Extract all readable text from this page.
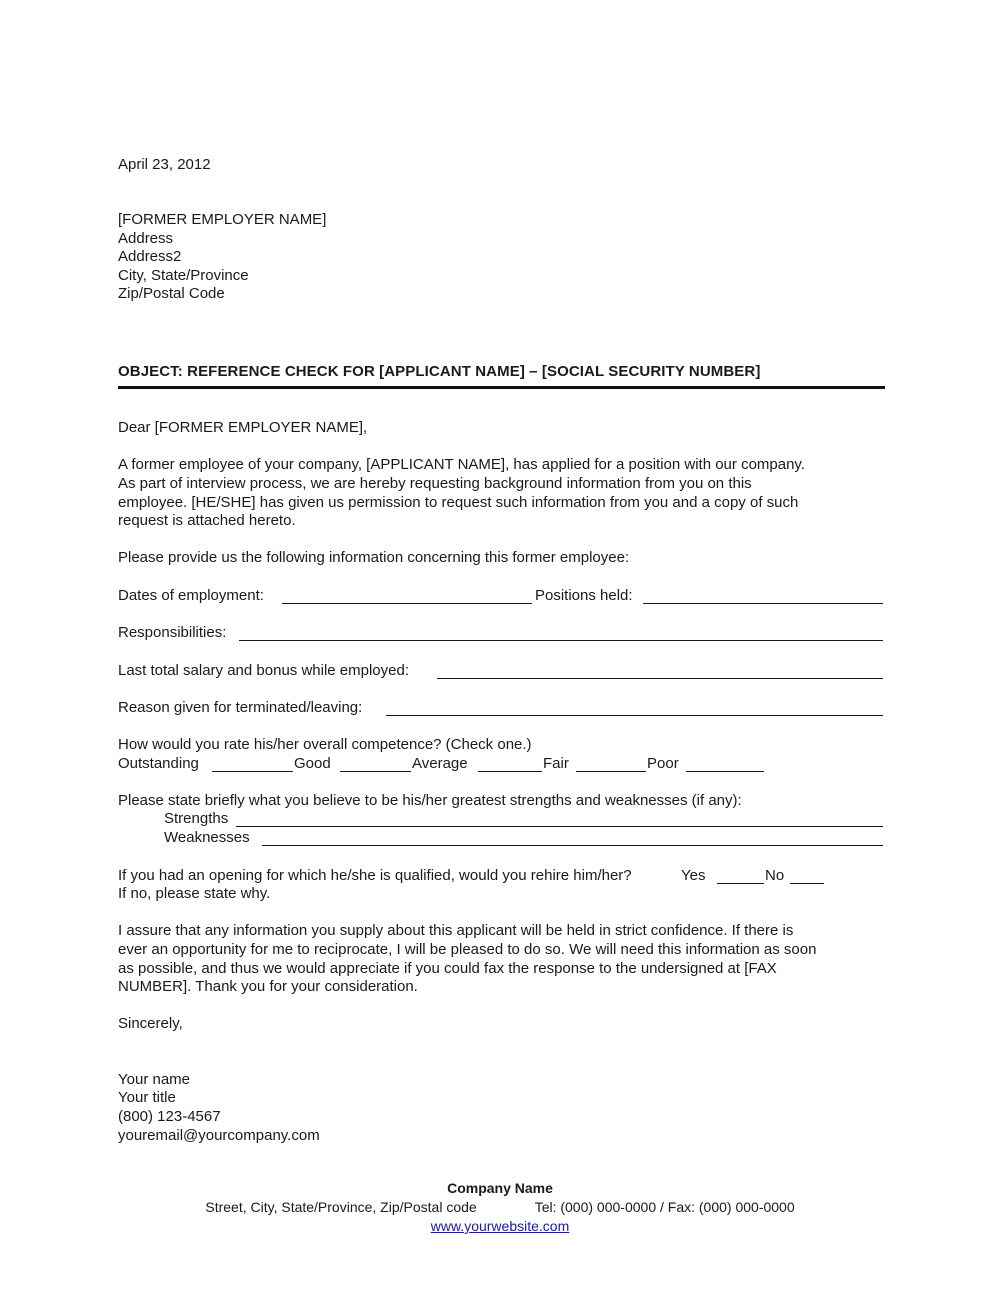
April 23, 2012
[FORMER EMPLOYER NAME]
Address
Address2
City, State/Province
Zip/Postal Code
OBJECT: REFERENCE CHECK FOR [APPLICANT NAME] – [SOCIAL SECURITY NUMBER]
Dear [FORMER EMPLOYER NAME],
A former employee of your company, [APPLICANT NAME], has applied for a position with our company.
As part of interview process, we are hereby requesting background information from you on this
employee. [HE/SHE] has given us permission to request such information from you and a copy of such
request is attached hereto.
Please provide us the following information concerning this former employee:
Dates of employment:	Positions held:
Responsibilities:
Last total salary and bonus while employed:
Reason given for terminated/leaving:
How would you rate his/her overall competence? (Check one.)
Outstanding	Good	Average	Fair	Poor
Please state briefly what you believe to be his/her greatest strengths and weaknesses (if any):
Strengths
Weaknesses
If you had an opening for which he/she is qualified, would you rehire him/her?	Yes	No
If no, please state why.
I assure that any information you supply about this applicant will be held in strict confidence. If there is
ever an opportunity for me to reciprocate, I will be pleased to do so. We will need this information as soon
as possible, and thus we would appreciate if you could fax the response to the undersigned at [FAX
NUMBER]. Thank you for your consideration.
Sincerely,
Your name
Your title
(800) 123-4567
youremail@yourcompany.com
Company Name
Street, City, State/Province, Zip/Postal code	Tel: (000) 000-0000 / Fax: (000) 000-0000
www.yourwebsite.com
